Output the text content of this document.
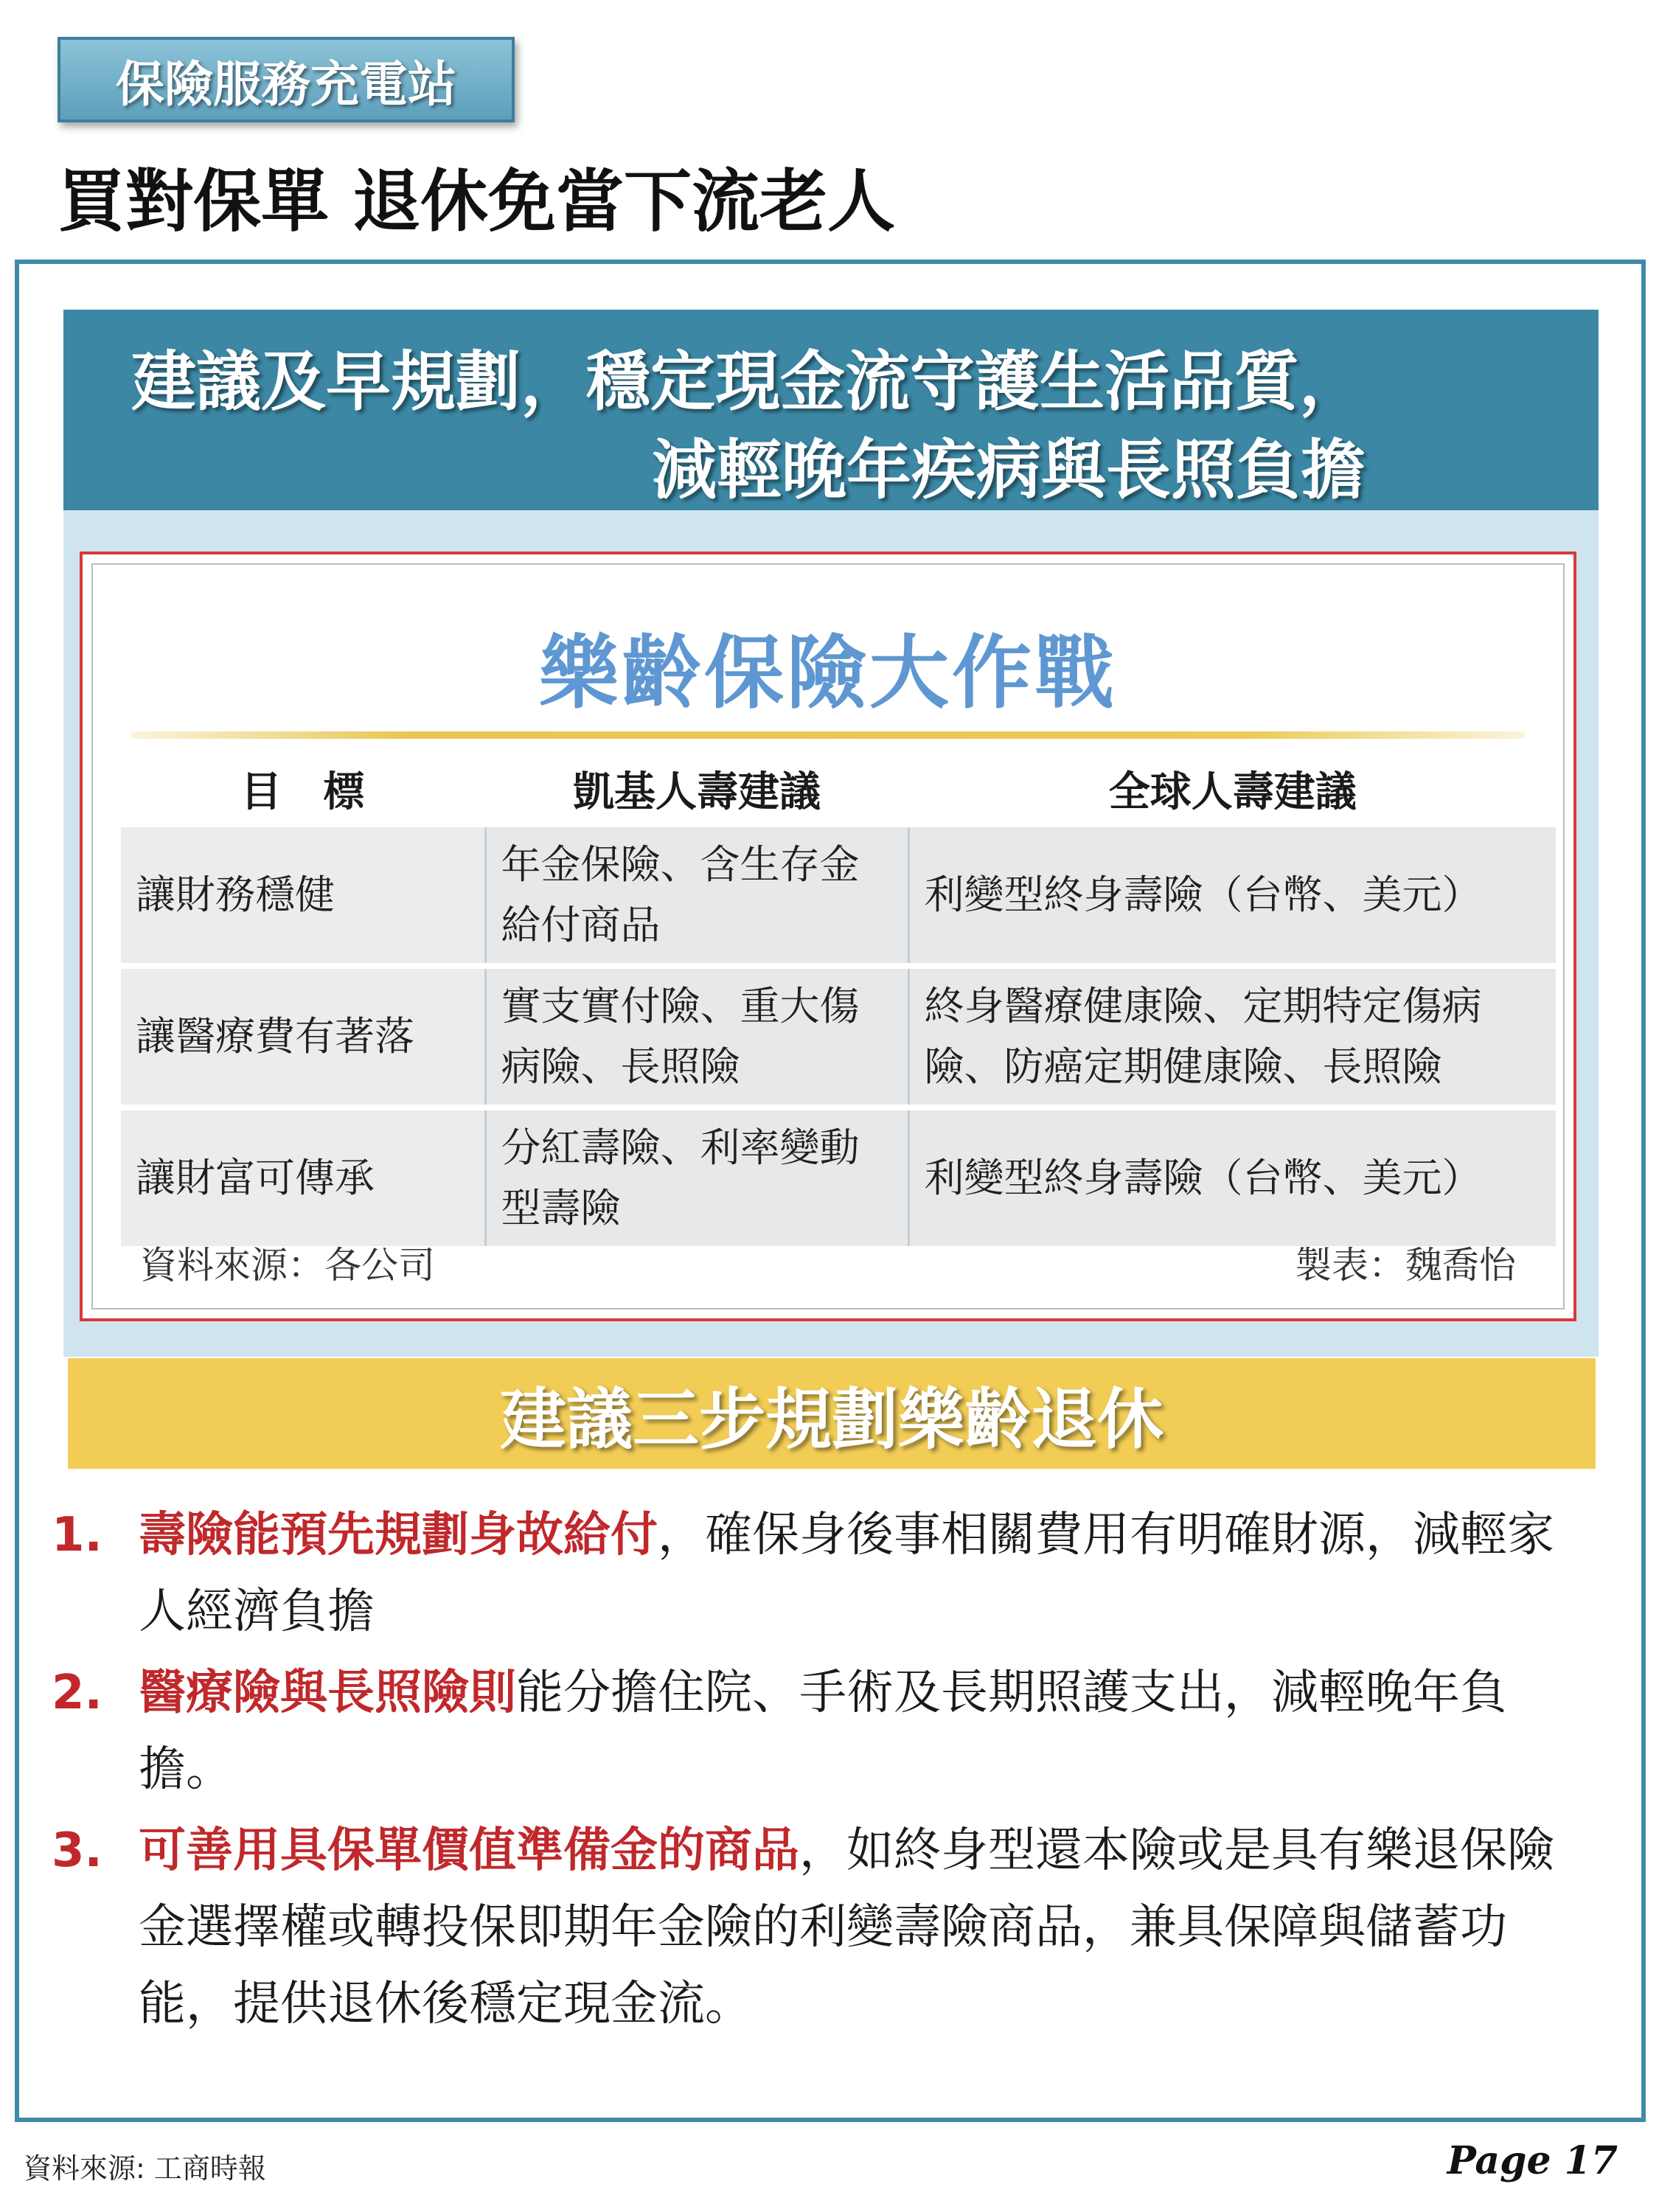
保險服務充電站
買對保單 退休免當下流老人
建議及早規劃，穩定現金流守護生活品質，
減輕晚年疾病與長照負擔
樂齡保險大作戰
目　標	凱基人壽建議	全球人壽建議
讓財務穩健	年金保險、含生存金給付商品	利變型終身壽險（台幣、美元）
讓醫療費有著落	實支實付險、重大傷病險、長照險	終身醫療健康險、定期特定傷病險、防癌定期健康險、長照險
讓財富可傳承	分紅壽險、利率變動型壽險	利變型終身壽險（台幣、美元）
資料來源：各公司	製表：魏喬怡
建議三步規劃樂齡退休
1. 壽險能預先規劃身故給付，確保身後事相關費用有明確財源，減輕家人經濟負擔
2. 醫療險與長照險則能分擔住院、手術及長期照護支出，減輕晚年負擔。
3. 可善用具保單價值準備金的商品，如終身型還本險或是具有樂退保險金選擇權或轉投保即期年金險的利變壽險商品，兼具保障與儲蓄功能，提供退休後穩定現金流。
資料來源: 工商時報	Page 17
